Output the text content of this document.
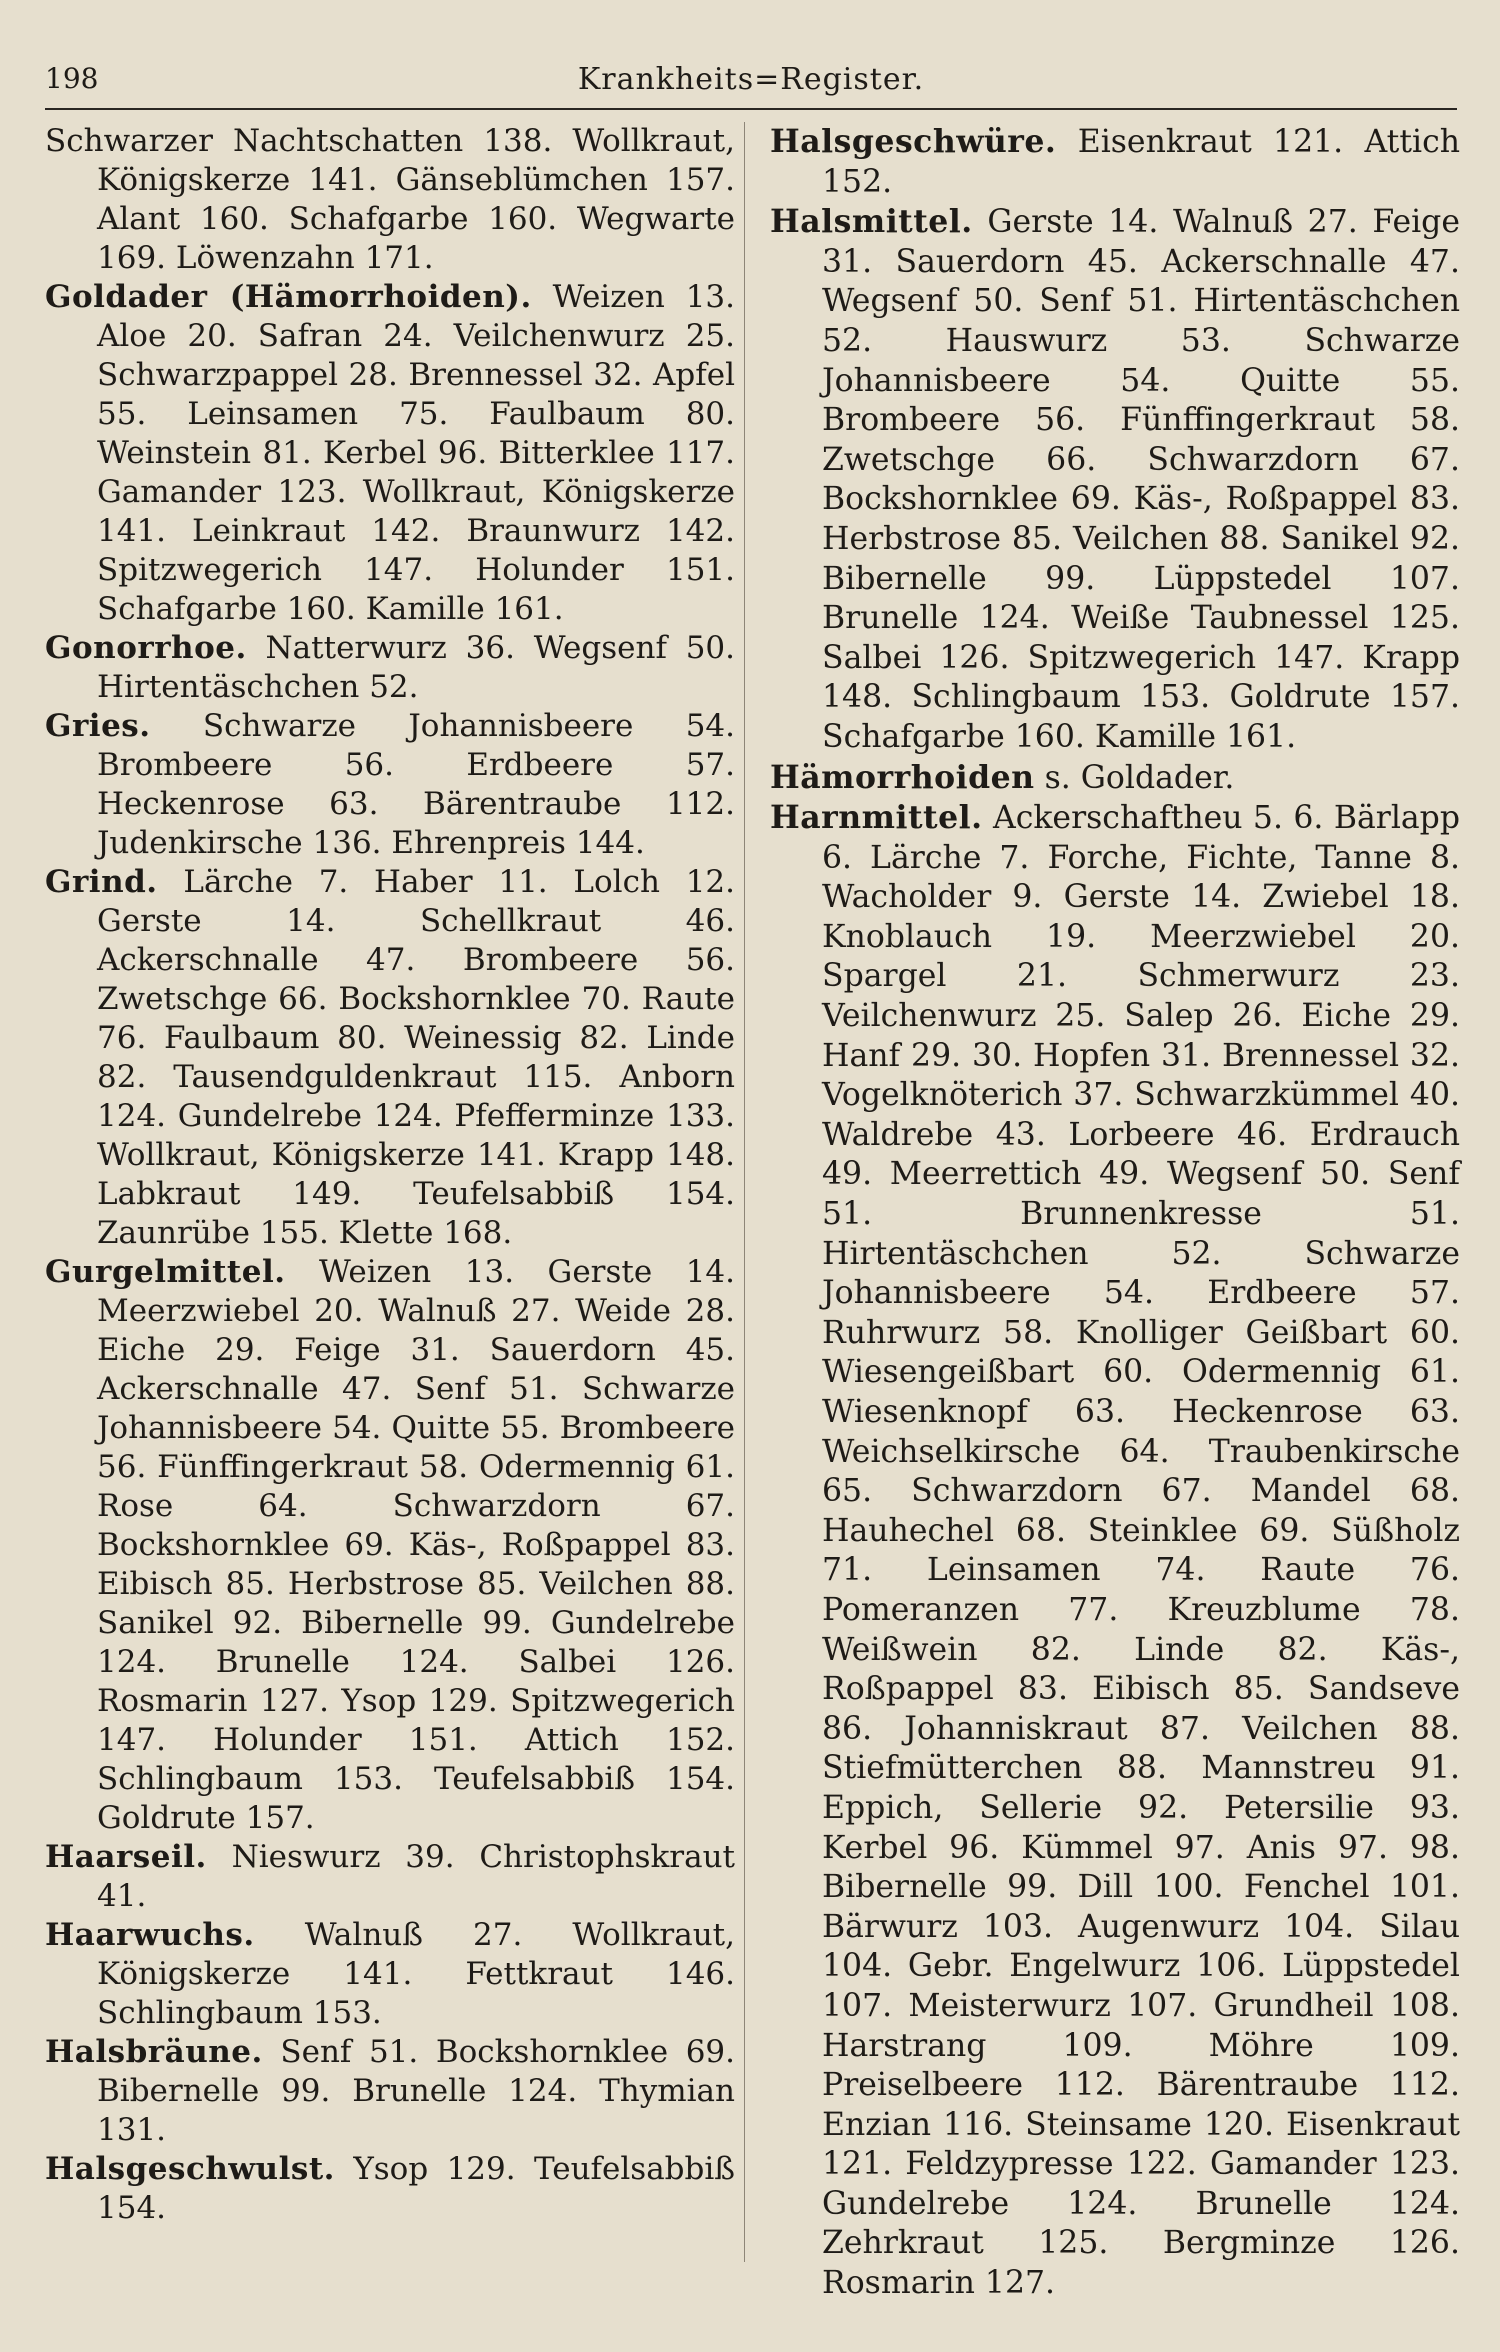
198	Krankheits=Register.

Schwarzer Nachtschatten 138. Wollkraut, Königskerze 141. Gänseblümchen 157. Alant 160. Schafgarbe 160. Wegwarte 169. Löwenzahn 171.

Goldader (Hämorrhoiden). Weizen 13. Aloe 20. Safran 24. Veilchenwurz 25. Schwarzpappel 28. Brennessel 32. Apfel 55. Leinsamen 75. Faulbaum 80. Weinstein 81. Kerbel 96. Bitterklee 117. Gamander 123. Wollkraut, Königskerze 141. Leinkraut 142. Braunwurz 142. Spitzwegerich 147. Holunder 151. Schafgarbe 160. Kamille 161.

Gonorrhoe. Natterwurz 36. Wegsenf 50. Hirtentäschchen 52.

Gries. Schwarze Johannisbeere 54. Brombeere 56. Erdbeere 57. Heckenrose 63. Bärentraube 112. Judenkirsche 136. Ehrenpreis 144.

Grind. Lärche 7. Haber 11. Lolch 12. Gerste 14. Schellkraut 46. Ackerschnalle 47. Brombeere 56. Zwetschge 66. Bockshornklee 70. Raute 76. Faulbaum 80. Weinessig 82. Linde 82. Tausendguldenkraut 115. Anborn 124. Gundelrebe 124. Pfefferminze 133. Wollkraut, Königskerze 141. Krapp 148. Labkraut 149. Teufelsabbiß 154. Zaunrübe 155. Klette 168.

Gurgelmittel. Weizen 13. Gerste 14. Meerzwiebel 20. Walnuß 27. Weide 28. Eiche 29. Feige 31. Sauerdorn 45. Ackerschnalle 47. Senf 51. Schwarze Johannisbeere 54. Quitte 55. Brombeere 56. Fünffingerkraut 58. Odermennig 61. Rose 64. Schwarzdorn 67. Bockshornklee 69. Käs-, Roßpappel 83. Eibisch 85. Herbstrose 85. Veilchen 88. Sanikel 92. Bibernelle 99. Gundelrebe 124. Brunelle 124. Salbei 126. Rosmarin 127. Ysop 129. Spitzwegerich 147. Holunder 151. Attich 152. Schlingbaum 153. Teufelsabbiß 154. Goldrute 157.

Haarseil. Nieswurz 39. Christophskraut 41.

Haarwuchs. Walnuß 27. Wollkraut, Königskerze 141. Fettkraut 146. Schlingbaum 153.

Halsbräune. Senf 51. Bockshornklee 69. Bibernelle 99. Brunelle 124. Thymian 131.

Halsgeschwulst. Ysop 129. Teufelsabbiß 154.

Halsgeschwüre. Eisenkraut 121. Attich 152.

Halsmittel. Gerste 14. Walnuß 27. Feige 31. Sauerdorn 45. Ackerschnalle 47. Wegsenf 50. Senf 51. Hirtentäschchen 52. Hauswurz 53. Schwarze Johannisbeere 54. Quitte 55. Brombeere 56. Fünffingerkraut 58. Zwetschge 66. Schwarzdorn 67. Bockshornklee 69. Käs-, Roßpappel 83. Herbstrose 85. Veilchen 88. Sanikel 92. Bibernelle 99. Lüppstedel 107. Brunelle 124. Weiße Taubnessel 125. Salbei 126. Spitzwegerich 147. Krapp 148. Schlingbaum 153. Goldrute 157. Schafgarbe 160. Kamille 161.

Hämorrhoiden s. Goldader.

Harnmittel. Ackerschaftheu 5. 6. Bärlapp 6. Lärche 7. Forche, Fichte, Tanne 8. Wacholder 9. Gerste 14. Zwiebel 18. Knoblauch 19. Meerzwiebel 20. Spargel 21. Schmerwurz 23. Veilchenwurz 25. Salep 26. Eiche 29. Hanf 29. 30. Hopfen 31. Brennessel 32. Vogelknöterich 37. Schwarzkümmel 40. Waldrebe 43. Lorbeere 46. Erdrauch 49. Meerrettich 49. Wegsenf 50. Senf 51. Brunnenkresse 51. Hirtentäschchen 52. Schwarze Johannisbeere 54. Erdbeere 57. Ruhrwurz 58. Knolliger Geißbart 60. Wiesengeißbart 60. Odermennig 61. Wiesenknopf 63. Heckenrose 63. Weichselkirsche 64. Traubenkirsche 65. Schwarzdorn 67. Mandel 68. Hauhechel 68. Steinklee 69. Süßholz 71. Leinsamen 74. Raute 76. Pomeranzen 77. Kreuzblume 78. Weißwein 82. Linde 82. Käs-, Roßpappel 83. Eibisch 85. Sandseve 86. Johanniskraut 87. Veilchen 88. Stiefmütterchen 88. Mannstreu 91. Eppich, Sellerie 92. Petersilie 93. Kerbel 96. Kümmel 97. Anis 97. 98. Bibernelle 99. Dill 100. Fenchel 101. Bärwurz 103. Augenwurz 104. Silau 104. Gebr. Engelwurz 106. Lüppstedel 107. Meisterwurz 107. Grundheil 108. Harstrang 109. Möhre 109. Preiselbeere 112. Bärentraube 112. Enzian 116. Steinsame 120. Eisenkraut 121. Feldzypresse 122. Gamander 123. Gundelrebe 124. Brunelle 124. Zehrkraut 125. Bergminze 126. Rosmarin 127.
